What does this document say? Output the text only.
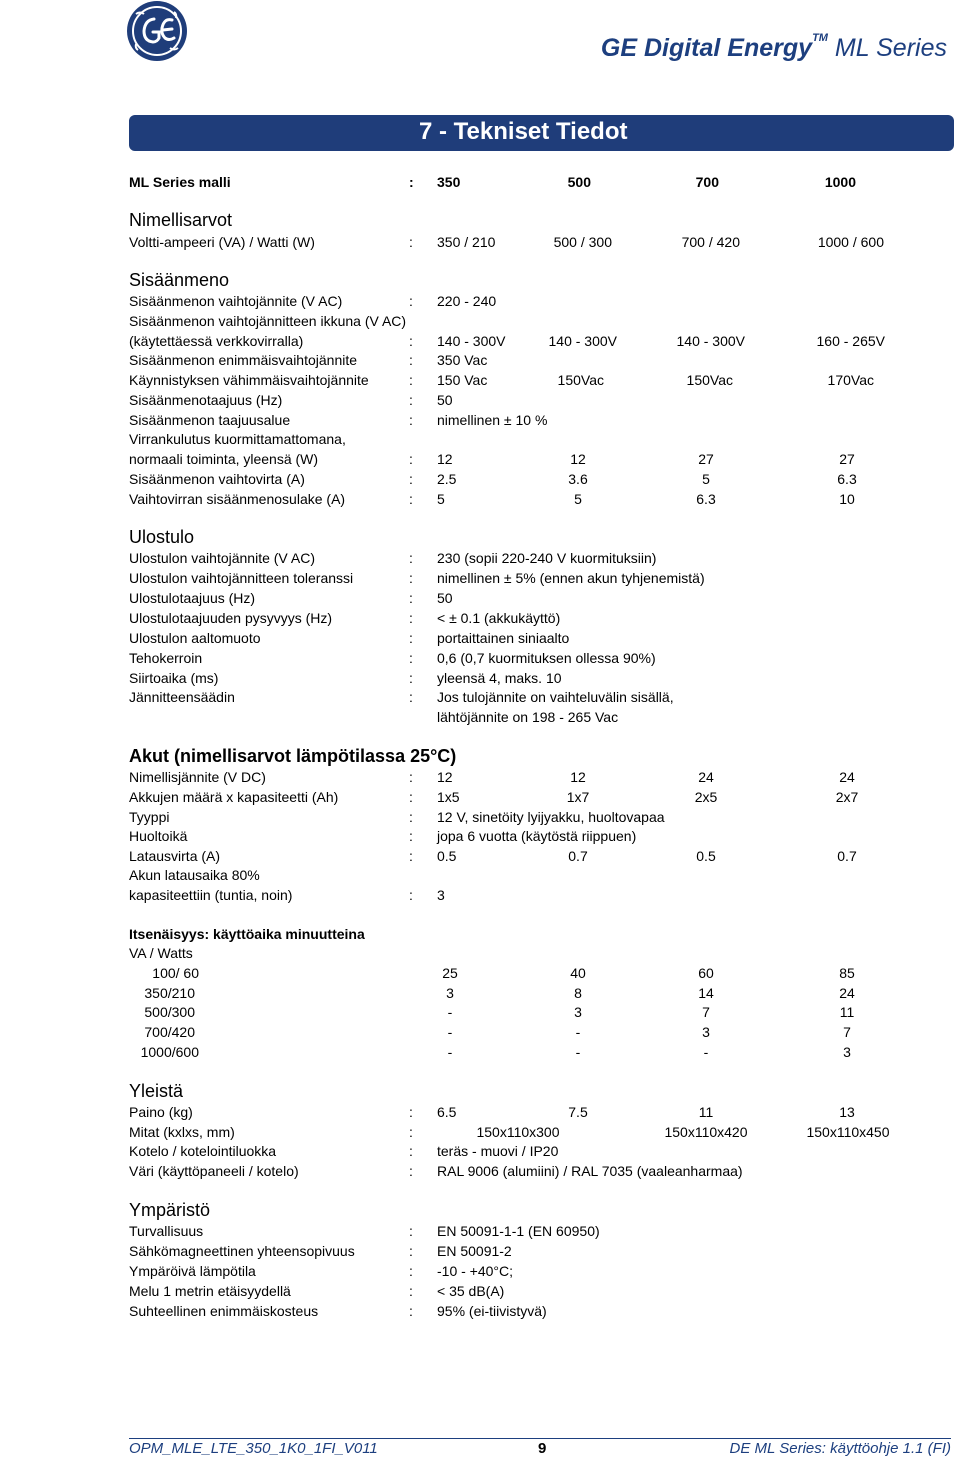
GE Digital Energy™ ML Series
7 - Tekniset Tiedot
ML Series malli	: 350	500	700	1000
Nimellisarvot
Voltti-ampeeri (VA) / Watti (W)	: 350 / 210	500 / 300	700 / 420	1000 / 600
Sisäänmeno
Sisäänmenon vaihtojännite (V AC)	: 220 - 240
Sisäänmenon vaihtojännitteen ikkuna (V AC)
(käytettäessä verkkovirralla)	: 140 - 300V	140 - 300V	140 - 300V	160 - 265V
Sisäänmenon enimmäisvaihtojännite	: 350 Vac
Käynnistyksen vähimmäisvaihtojännite	: 150 Vac	150Vac	150Vac	170Vac
Sisäänmenotaajuus (Hz)	: 50
Sisäänmenon taajuusalue	: nimellinen ± 10 %
Virrankulutus kuormittamattomana,
normaali toiminta, yleensä (W)	: 12	12	27	27
Sisäänmenon vaihtovirta (A)	: 2.5	3.6	5	6.3
Vaihtovirran sisäänmenosulake (A)	: 5	5	6.3	10
Ulostulo
Ulostulon vaihtojännite (V AC)	: 230 (sopii 220-240 V kuormituksiin)
Ulostulon vaihtojännitteen toleranssi	: nimellinen ± 5% (ennen akun tyhjenemistä)
Ulostulotaajuus (Hz)	: 50
Ulostulotaajuuden pysyvyys (Hz)	: < ± 0.1 (akkukäyttö)
Ulostulon aaltomuoto	: portaittainen siniaalto
Tehokerroin	: 0,6 (0,7 kuormituksen ollessa 90%)
Siirtoaika (ms)	: yleensä 4, maks. 10
Jännitteensäädin	: Jos tulojännite on vaihteluvälin sisällä,
lähtöjännite on 198 - 265 Vac
Akut (nimellisarvot lämpötilassa 25°C)
Nimellisjännite (V DC)	: 12	12	24	24
Akkujen määrä x kapasiteetti (Ah)	: 1x5	1x7	2x5	2x7
Tyyppi	: 12 V, sinetöity lyijyakku, huoltovapaa
Huoltoikä	: jopa 6 vuotta (käytöstä riippuen)
Latausvirta (A)	: 0.5	0.7	0.5	0.7
Akun latausaika 80%
kapasiteettiin (tuntia, noin)	: 3
Itsenäisyys: käyttöaika minuutteina
VA / Watts
100/ 60	25	40	60	85
350/210	3	8	14	24
500/300	-	3	7	11
700/420	-	-	3	7
1000/600	-	-	-	3
Yleistä
Paino (kg)	: 6.5	7.5	11	13
Mitat (kxlxs, mm)	:	150x110x300	150x110x420	150x110x450
Kotelo / kotelointiluokka	: teräs - muovi / IP20
Väri (käyttöpaneeli / kotelo)	: RAL 9006 (alumiini) / RAL 7035 (vaaleanharmaa)
Ympäristö
Turvallisuus	: EN 50091-1-1 (EN 60950)
Sähkömagneettinen yhteensopivuus	: EN 50091-2
Ympäröivä lämpötila	: -10 - +40°C;
Melu 1 metrin etäisyydellä	: < 35 dB(A)
Suhteellinen enimmäiskosteus	: 95% (ei-tiivistyvä)
OPM_MLE_LTE_350_1K0_1FI_V011	9	DE ML Series: käyttöohje 1.1 (FI)
